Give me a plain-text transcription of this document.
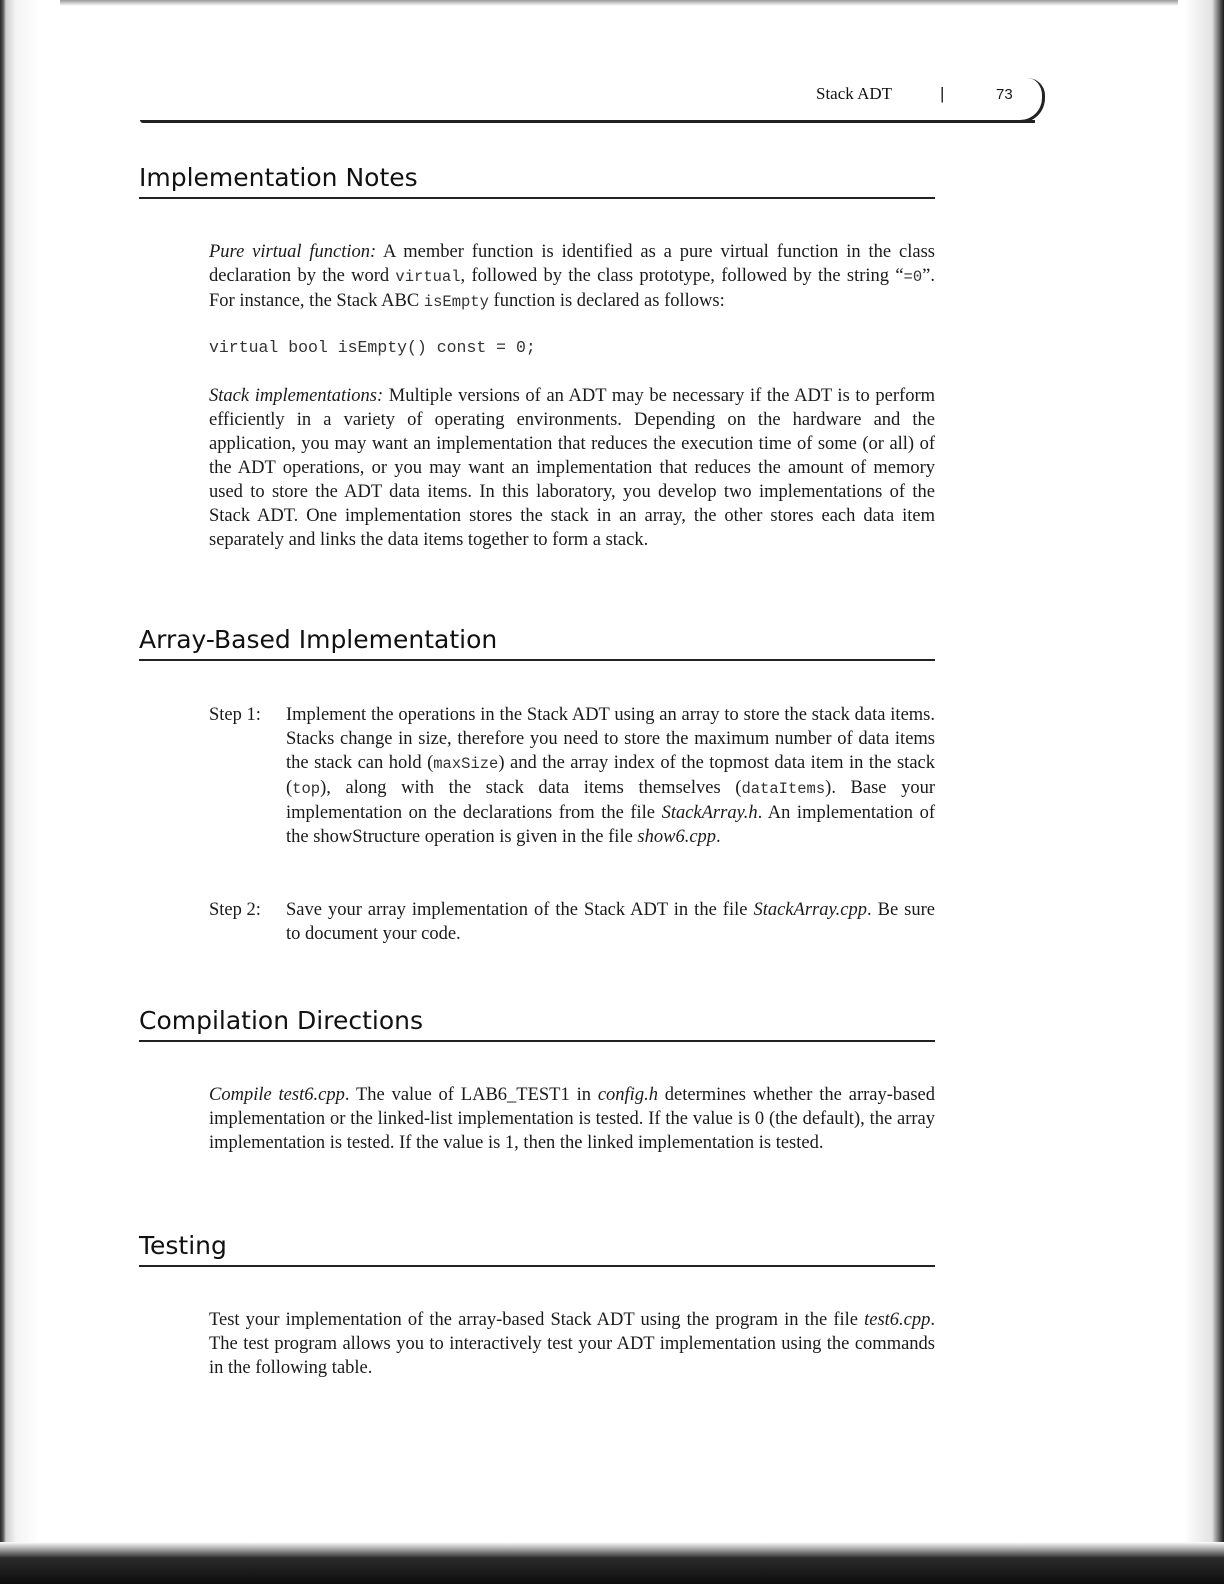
Stack ADT	|	73
Implementation Notes
Pure virtual function: A member function is identified as a pure virtual function in the class declaration by the word virtual, followed by the class prototype, followed by the string “=0”. For instance, the Stack ABC isEmpty function is declared as follows:
virtual bool isEmpty() const = 0;
Stack implementations: Multiple versions of an ADT may be necessary if the ADT is to perform efficiently in a variety of operating environments. Depending on the hardware and the application, you may want an implementation that reduces the execution time of some (or all) of the ADT operations, or you may want an implementation that reduces the amount of memory used to store the ADT data items. In this laboratory, you develop two implementations of the Stack ADT. One implementation stores the stack in an array, the other stores each data item separately and links the data items together to form a stack.
Array-Based Implementation
Step 1:	Implement the operations in the Stack ADT using an array to store the stack data items. Stacks change in size, therefore you need to store the maximum number of data items the stack can hold (maxSize) and the array index of the topmost data item in the stack (top), along with the stack data items themselves (dataItems). Base your implementation on the declarations from the file StackArray.h. An implementation of the showStructure operation is given in the file show6.cpp.
Step 2:	Save your array implementation of the Stack ADT in the file StackArray.cpp. Be sure to document your code.
Compilation Directions
Compile test6.cpp. The value of LAB6_TEST1 in config.h determines whether the array-based implementation or the linked-list implementation is tested. If the value is 0 (the default), the array implementation is tested. If the value is 1, then the linked implementation is tested.
Testing
Test your implementation of the array-based Stack ADT using the program in the file test6.cpp. The test program allows you to interactively test your ADT implementation using the commands in the following table.
